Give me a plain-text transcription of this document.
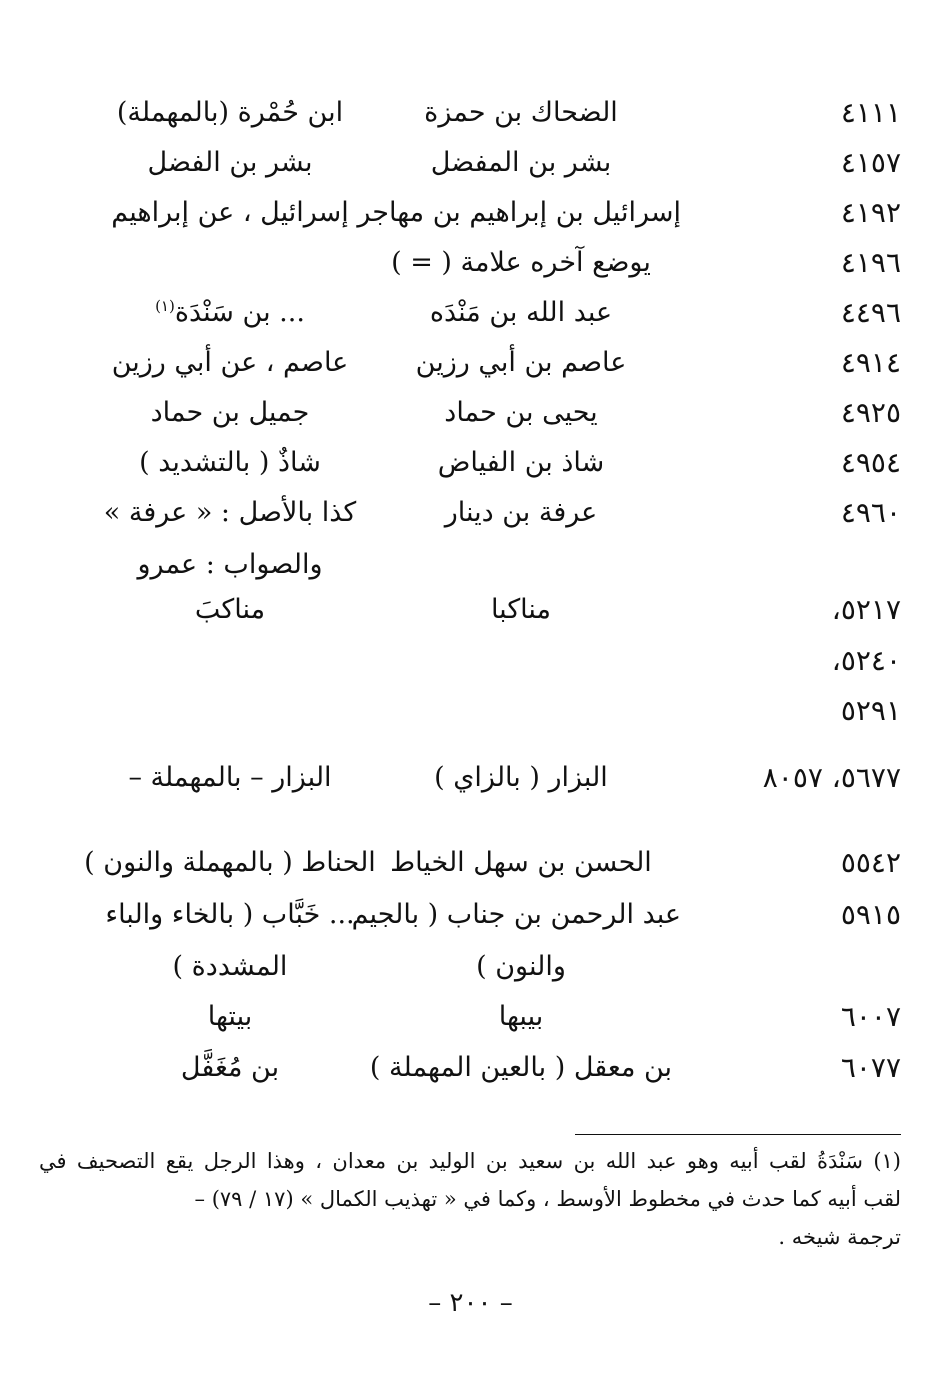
٤١١١
الضحاك بن حمزة
ابن حُمْرة (بالمهملة)
٤١٥٧
بشر بن المفضل
بشر بن الفضل
٤١٩٢
إسرائيل بن إبراهيم بن مهاجر
إسرائيل ، عن إبراهيم
٤١٩٦
يوضع آخره علامة ( = )
٤٤٩٦
عبد الله بن مَنْدَه
... بن سَنْدَة$^{(١)}$
٤٩١٤
عاصم بن أبي رزين
عاصم ، عن أبي رزين
٤٩٢٥
يحيى بن حماد
جميل بن حماد
٤٩٥٤
شاذ بن الفياض
شاذٌ ( بالتشديد )
٤٩٦٠
عرفة بن دينار
كذا بالأصل : « عرفة »
والصواب : عمرو
٥٢١٧،
مناكبا
مناكبَ
٥٢٤٠،
٥٢٩١
٥٦٧٧، ٨٠٥٧
البزار ( بالزاي )
البزار – بالمهملة –
٥٥٤٢
الحسن بن سهل الخياط
الحناط ( بالمهملة والنون )
٥٩١٥
عبد الرحمن بن جناب ( بالجيم
... خَبَّاب ( بالخاء والباء
والنون )
المشددة )
٦٠٠٧
بيبها
بيتها
٦٠٧٧
بن معقل ( بالعين المهملة )
بن مُغَفَّل
(١) سَنْدَةُ لقب أبيه وهو عبد الله بن سعيد بن الوليد بن معدان ، وهذا الرجل يقع التصحيف في
لقب أبيه كما حدث في مخطوط الأوسط ، وكما في « تهذيب الكمال » (١٧ / ٧٩) –
ترجمة شيخه .
– ٢٠٠ –
